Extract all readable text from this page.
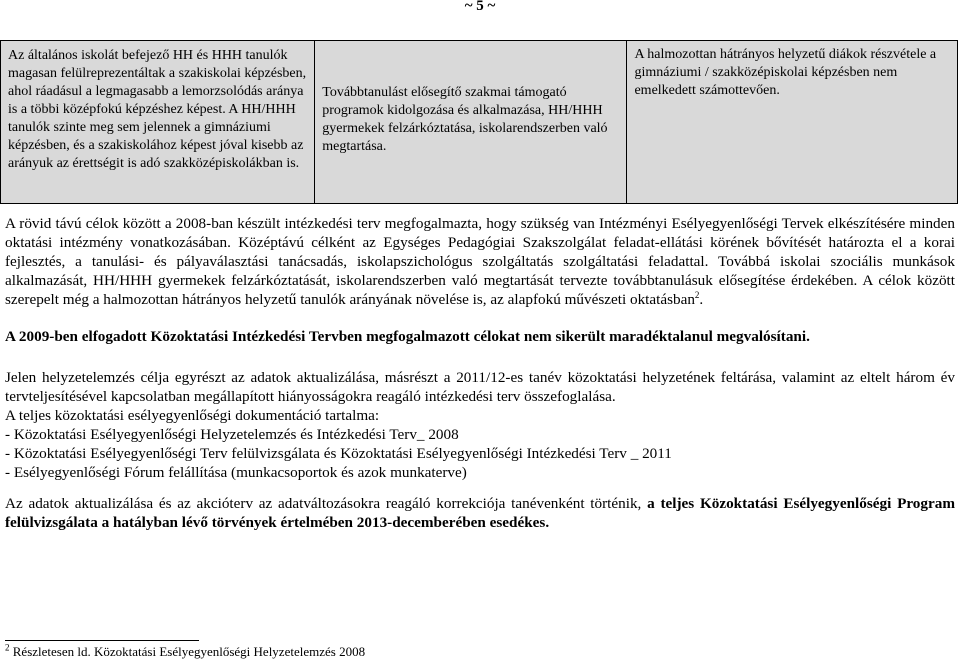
~ 5 ~
Az általános iskolát befejező HH és HHH tanulók magasan felülreprezentáltak a szakiskolai képzésben, ahol ráadásul a legmagasabb a lemorzsolódás aránya is a többi középfokú képzéshez képest. A HH/HHH tanulók szinte meg sem jelennek a gimnáziumi képzésben, és a szakiskolához képest jóval kisebb az arányuk az érettségit is adó szakközépiskolákban is.	Továbbtanulást elősegítő szakmai támogató programok kidolgozása és alkalmazása, HH/HHH gyermekek felzárkóztatása, iskolarendszerben való megtartása.	A halmozottan hátrányos helyzetű diákok részvétele a gimnáziumi / szakközépiskolai képzésben nem emelkedett számottevően.
A rövid távú célok között a 2008-ban készült intézkedési terv megfogalmazta, hogy szükség van Intézményi Esélyegyenlőségi Tervek elkészítésére minden oktatási intézmény vonatkozásában. Középtávú célként az Egységes Pedagógiai Szakszolgálat feladat-ellátási körének bővítését határozta el a korai fejlesztés, a tanulási- és pályaválasztási tanácsadás, iskolapszichológus szolgáltatás szolgáltatási feladattal. Továbbá iskolai szociális munkások alkalmazását, HH/HHH gyermekek felzárkóztatását, iskolarendszerben való megtartását tervezte továbbtanulásuk elősegítése érdekében. A célok között szerepelt még a halmozottan hátrányos helyzetű tanulók arányának növelése is, az alapfokú művészeti oktatásban$^2$.
A 2009-ben elfogadott Közoktatási Intézkedési Tervben megfogalmazott célokat nem sikerült maradéktalanul megvalósítani.

Jelen helyzetelemzés célja egyrészt az adatok aktualizálása, másrészt a 2011/12-es tanév közoktatási helyzetének feltárása, valamint az eltelt három év tervteljesítésével kapcsolatban megállapított hiányosságokra reagáló intézkedési terv összefoglalása.

A teljes közoktatási esélyegyenlőségi dokumentáció tartalma:

- Közoktatási Esélyegyenlőségi Helyzetelemzés és Intézkedési Terv_ 2008

- Közoktatási Esélyegyenlőségi Terv felülvizsgálata és Közoktatási Esélyegyenlőségi Intézkedési Terv _ 2011

- Esélyegyenlőségi Fórum felállítása (munkacsoportok és azok munkaterve)

Az adatok aktualizálása és az akcióterv az adatváltozásokra reagáló korrekciója tanévenként történik, a teljes Közoktatási Esélyegyenlőségi Program felülvizsgálata a hatályban lévő törvények értelmében 2013-decemberében esedékes.
$^2$ Részletesen ld. Közoktatási Esélyegyenlőségi Helyzetelemzés 2008
